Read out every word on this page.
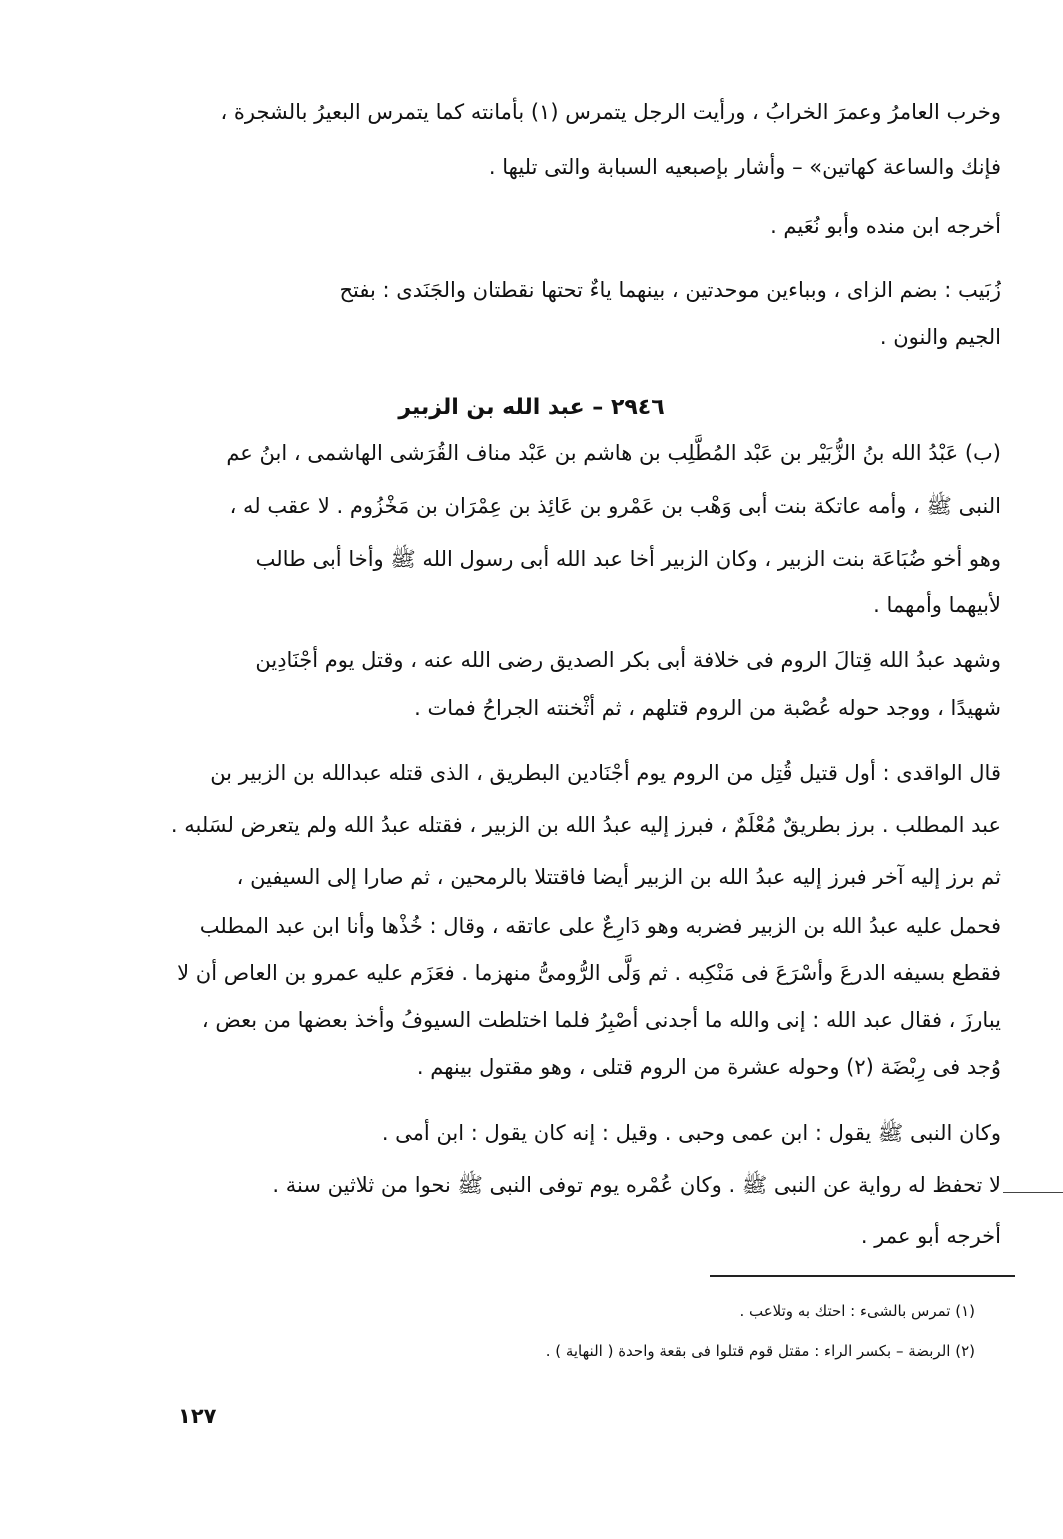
وخرب العامرُ وعمرَ الخرابُ ، ورأيت الرجل يتمرس (١) بأمانته كما يتمرس البعيرُ بالشجرة ،
فإنك والساعة كهاتين» – وأشار بإصبعيه السبابة والتى تليها .
أخرجه ابن منده وأبو نُعَيم .
زُبَيب : بضم الزاى ، وبباءين موحدتين ، بينهما ياءٌ تحتها نقطتان والجَنَدى : بفتح
الجيم والنون .
٢٩٤٦ – عبد الله بن الزبير
(ب) عَبْدُ الله بنُ الزُّبَيْر بن عَبْد المُطَّلِب بن هاشم بن عَبْد مناف القُرَشى الهاشمى ، ابنُ عم
النبى ﷺ ، وأمه عاتكة بنت أبى وَهْب بن عَمْرو بن عَائِذ بن عِمْرَان بن مَخْزُوم . لا عقب له ،
وهو أخو ضُبَاعَة بنت الزبير ، وكان الزبير أخا عبد الله أبى رسول الله ﷺ وأخا أبى طالب
لأبيهما وأمهما .
وشهد عبدُ الله قِتالَ الروم فى خلافة أبى بكر الصديق رضى الله عنه ، وقتل يوم أجْنَادِين
شهيدًا ، ووجد حوله عُصْبة من الروم قتلهم ، ثم أثْخنته الجراحُ فمات .
قال الواقدى : أول قتيل قُتِل من الروم يوم أجْنَادين البطريق ، الذى قتله عبدالله بن الزبير بن
عبد المطلب . برز بطريقٌ مُعْلَمٌ ، فبرز إليه عبدُ الله بن الزبير ، فقتله عبدُ الله ولم يتعرض لسَلبه .
ثم برز إليه آخر فبرز إليه عبدُ الله بن الزبير أيضا فاقتتلا بالرمحين ، ثم صارا إلى السيفين ،
فحمل عليه عبدُ الله بن الزبير فضربه وهو دَارِعٌ على عاتقه ، وقال : خُذْها وأنا ابن عبد المطلب
فقطع بسيفه الدرعَ وأسْرَعَ فى مَنْكِبه . ثم وَلَّى الرُّومىُّ منهزما . فعَزَم عليه عمرو بن العاص أن لا
يبارزَ ، فقال عبد الله : إنى والله ما أجدنى أصْبِرُ فلما اختلطت السيوفُ وأخذ بعضها من بعض ،
وُجد فى رِبْضَة (٢) وحوله عشرة من الروم قتلى ، وهو مقتول بينهم .
وكان النبى ﷺ يقول : ابن عمى وحبى . وقيل : إنه كان يقول : ابن أمى .
لا تحفظ له رواية عن النبى ﷺ . وكان عُمْره يوم توفى النبى ﷺ نحوا من ثلاثين سنة .
أخرجه أبو عمر .
(١) تمرس بالشىء : احتك به وتلاعب .
(٢) الربضة – بكسر الراء : مقتل قوم قتلوا فى بقعة واحدة ( النهاية ) .
١٢٧
